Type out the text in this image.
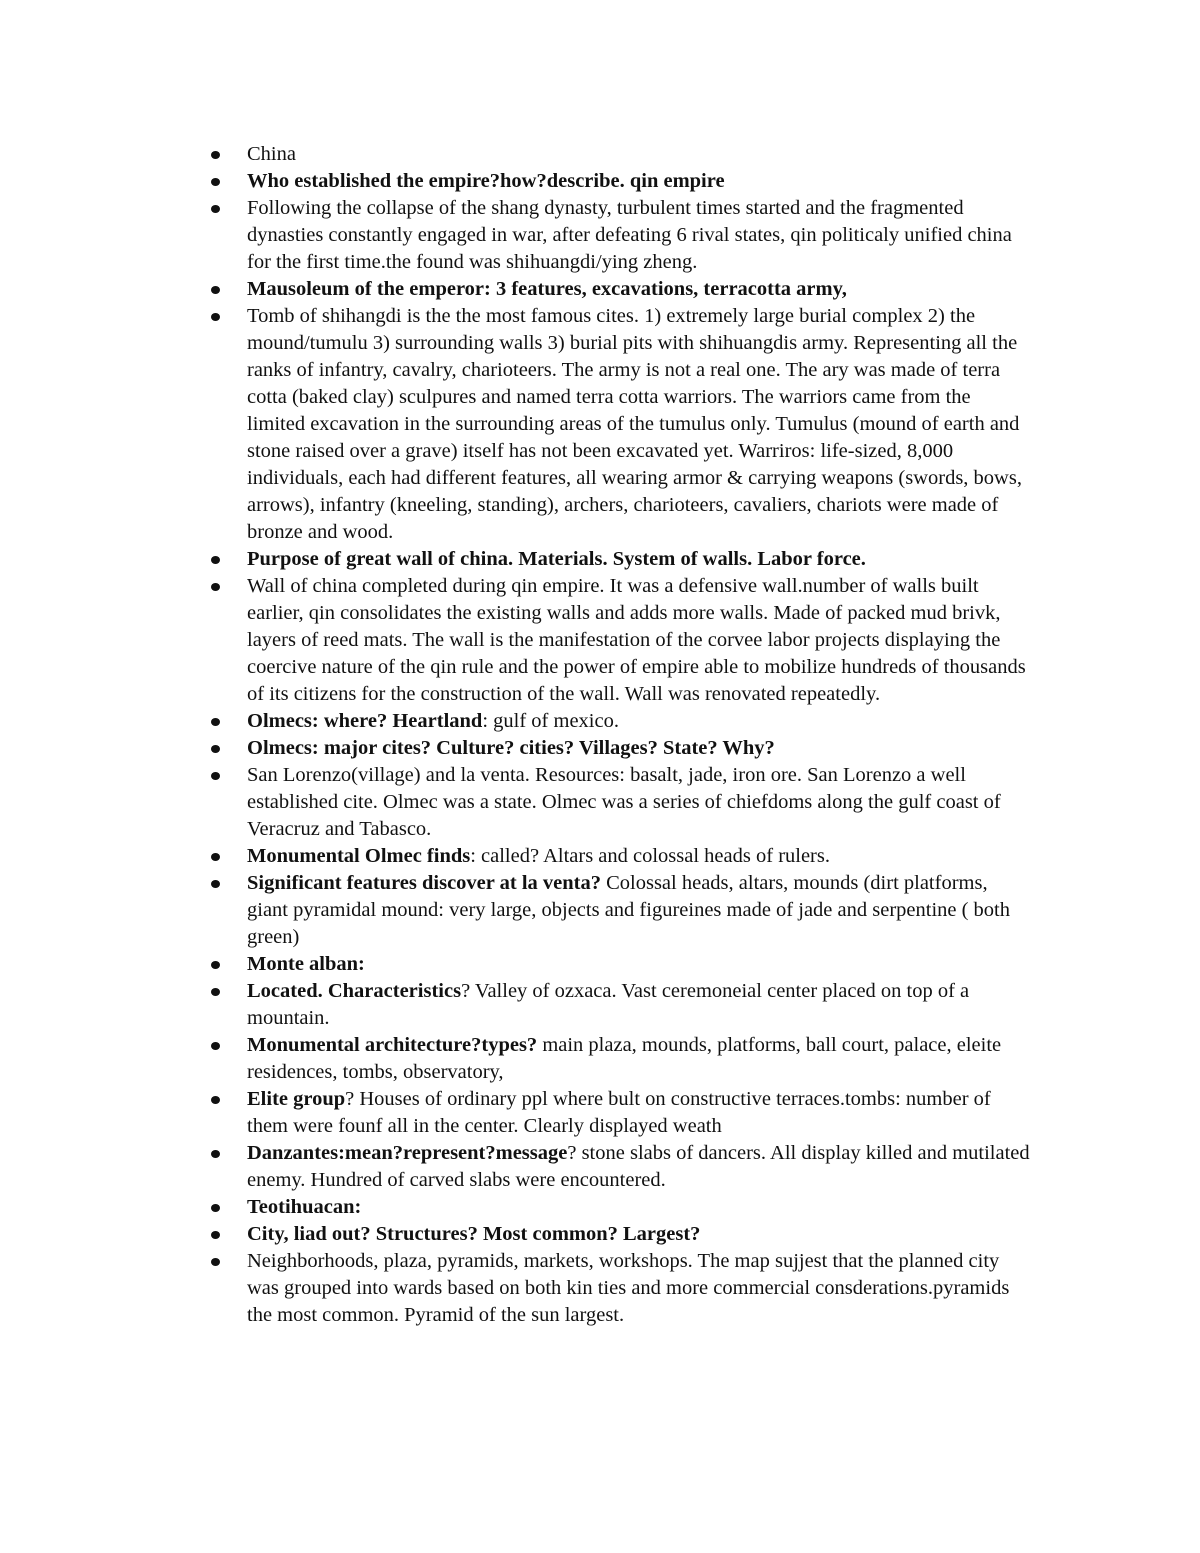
China
Who established the empire?how?describe. qin empire
Following the collapse of the shang dynasty, turbulent times started and the fragmented dynasties constantly engaged in war, after defeating 6 rival states, qin politicaly unified china for the first time.the found was shihuangdi/ying zheng.
Mausoleum of the emperor: 3 features, excavations, terracotta army,
Tomb of shihangdi is the the most famous cites. 1) extremely large burial complex 2) the mound/tumulu 3) surrounding walls 3) burial pits with shihuangdis army. Representing all the ranks of infantry, cavalry, charioteers. The army is not a real one. The ary was made of terra cotta (baked clay) sculpures and named terra cotta warriors. The warriors came from the limited excavation in the surrounding areas of the tumulus only. Tumulus (mound of earth and stone raised over a grave) itself has not been excavated yet. Warriros: life-sized, 8,000 individuals, each had different features, all wearing armor & carrying weapons (swords, bows, arrows), infantry (kneeling, standing), archers, charioteers, cavaliers, chariots were made of bronze and wood.
Purpose of great wall of china. Materials. System of walls. Labor force.
Wall of china completed during qin empire. It was a defensive wall.number of walls built earlier, qin consolidates the existing walls and adds more walls. Made of packed mud brivk, layers of reed mats. The wall is the manifestation of the corvee labor projects displaying the coercive nature of the qin rule and the power of empire able to mobilize hundreds of thousands of its citizens for the construction of the wall. Wall was renovated repeatedly.
Olmecs: where? Heartland: gulf of mexico.
Olmecs: major cites? Culture? cities? Villages? State? Why?
San Lorenzo(village) and la venta. Resources: basalt, jade, iron ore. San Lorenzo a well established cite. Olmec was a state. Olmec was a series of chiefdoms along the gulf coast of Veracruz and Tabasco.
Monumental Olmec finds: called? Altars and colossal heads of rulers.
Significant features discover at la venta? Colossal heads, altars, mounds (dirt platforms, giant pyramidal mound: very large, objects and figureines made of jade and serpentine ( both green)
Monte alban:
Located. Characteristics? Valley of ozxaca. Vast ceremoneial center placed on top of a mountain.
Monumental architecture?types? main plaza, mounds, platforms, ball court, palace, eleite residences, tombs, observatory,
Elite group? Houses of ordinary ppl where bult on constructive terraces.tombs: number of them were founf all in the center. Clearly displayed weath
Danzantes:mean?represent?message? stone slabs of dancers. All display killed and mutilated enemy. Hundred of carved slabs were encountered.
Teotihuacan:
City, liad out? Structures? Most common? Largest?
Neighborhoods, plaza, pyramids, markets, workshops. The map sujjest that the planned city was grouped into wards based on both kin ties and more commercial consderations.pyramids the most common. Pyramid of the sun largest.
